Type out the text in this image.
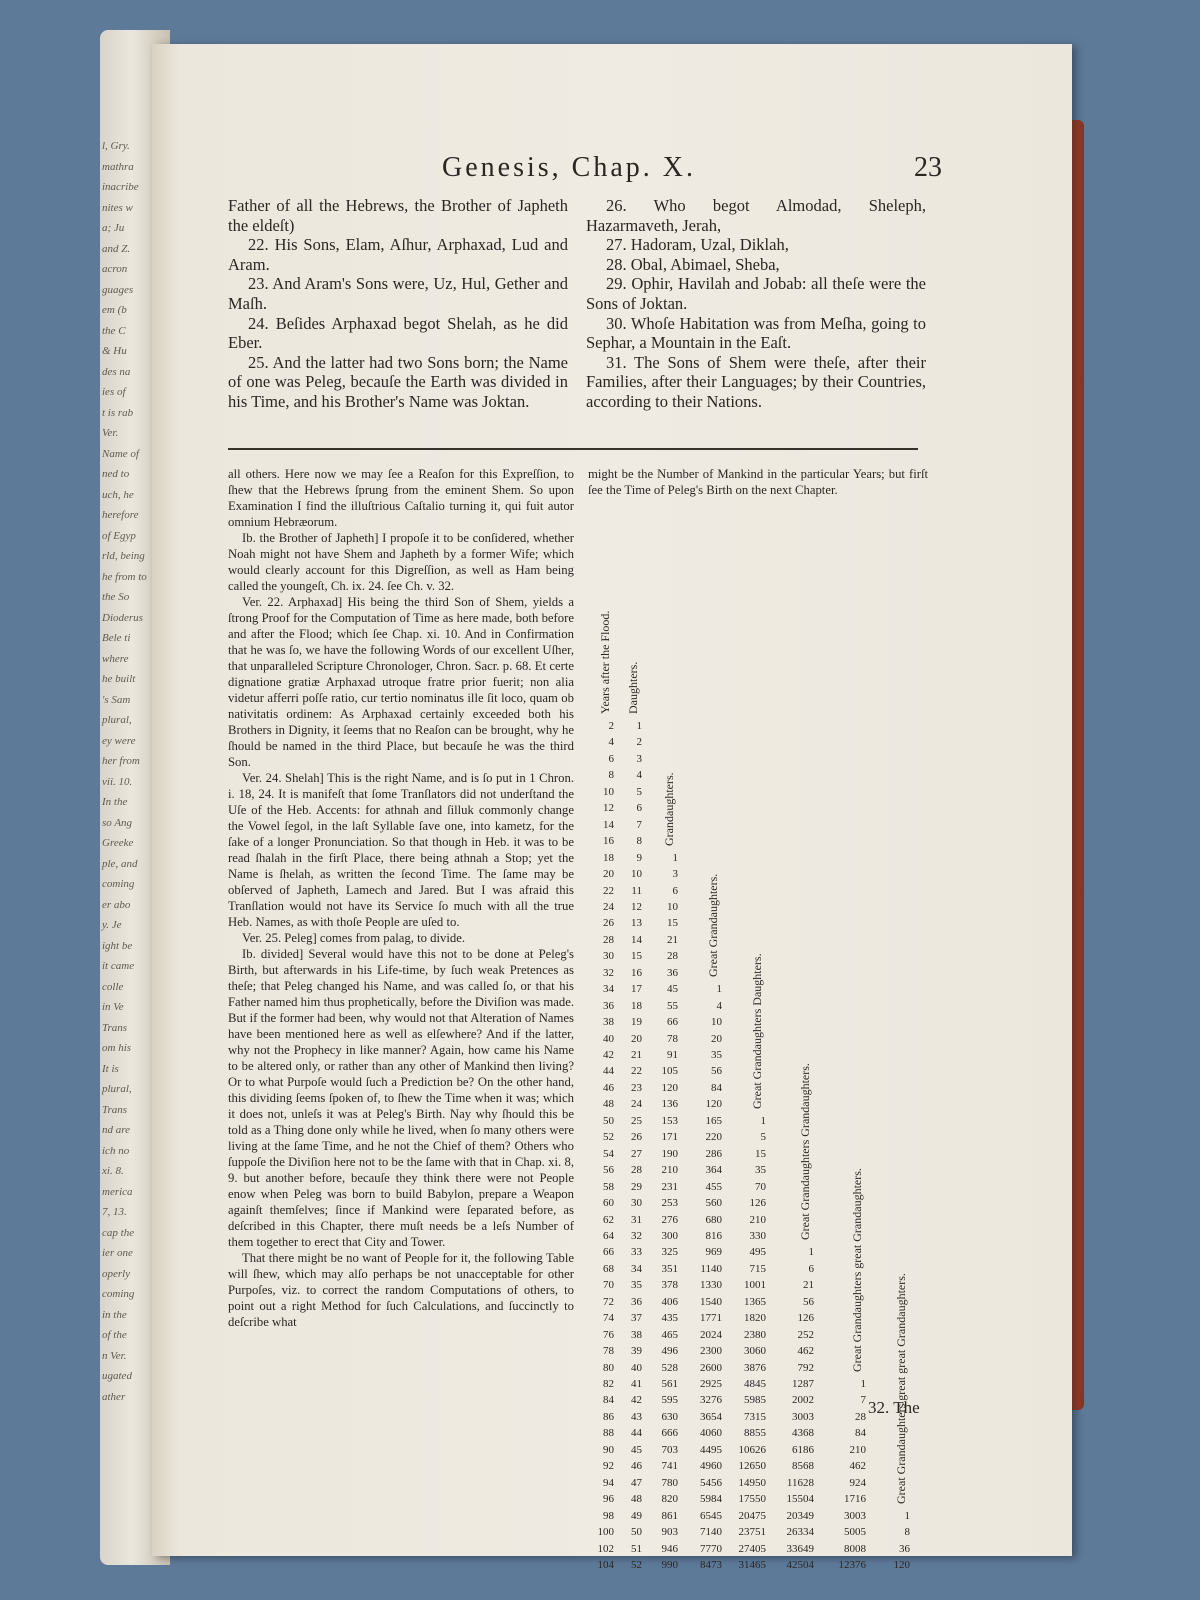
l, Gry.
mathra
inacribe
nites w
a; Ju
and Z.
acron
guages
em (b
the C
& Hu
des na
ies of
t is rab
Ver.
Name of
ned to
uch, he
herefore
of Egyp
rld, being
he from to
the So
Dioderus
Bele ti
where
he built
's Sam
plural,
ey were
her from
vii. 10.
In the
so Ang
Greeke
ple, and
coming
er abo
y. Je
ight be
it came
colle
in Ve
Trans
om his
It is
plural,
Trans
nd are
ich no
xi. 8.
merica
7, 13.
cap the
ier one
operly
coming
in the
of the
n Ver.
ugated
ather
Genesis, Chap. X.	23

Father of all the Hebrews, the Brother of Japheth the eldeſt)

22. His Sons, Elam, Aſhur, Arphaxad, Lud and Aram.

23. And Aram's Sons were, Uz, Hul, Gether and Maſh.

24. Beſides Arphaxad begot Shelah, as he did Eber.

25. And the latter had two Sons born; the Name of one was Peleg, becauſe the Earth was divided in his Time, and his Brother's Name was Joktan.

26. Who begot Almodad, Sheleph, Hazarmaveth, Jerah,

27. Hadoram, Uzal, Diklah,

28. Obal, Abimael, Sheba,

29. Ophir, Havilah and Jobab: all theſe were the Sons of Joktan.

30. Whoſe Habitation was from Meſha, going to Sephar, a Mountain in the Eaſt.

31. The Sons of Shem were theſe, after their Families, after their Languages; by their Countries, according to their Nations.

all others. Here now we may ſee a Reaſon for this Expreſſion, to ſhew that the Hebrews ſprung from the eminent Shem. So upon Examination I find the illuſtrious Caſtalio turning it, qui fuit autor omnium Hebræorum.

Ib. the Brother of Japheth] I propoſe it to be conſidered, whether Noah might not have Shem and Japheth by a former Wife; which would clearly account for this Digreſſion, as well as Ham being called the youngeſt, Ch. ix. 24. ſee Ch. v. 32.

Ver. 22. Arphaxad] His being the third Son of Shem, yields a ſtrong Proof for the Computation of Time as here made, both before and after the Flood; which ſee Chap. xi. 10. And in Confirmation that he was ſo, we have the following Words of our excellent Uſher, that unparalleled Scripture Chronologer, Chron. Sacr. p. 68. Et certe dignatione gratiæ Arphaxad utroque fratre prior fuerit; non alia videtur afferri poſſe ratio, cur tertio nominatus ille ſit loco, quam ob nativitatis ordinem: As Arphaxad certainly exceeded both his Brothers in Dignity, it ſeems that no Reaſon can be brought, why he ſhould be named in the third Place, but becauſe he was the third Son.

Ver. 24. Shelah] This is the right Name, and is ſo put in 1 Chron. i. 18, 24. It is manifeſt that ſome Tranſlators did not underſtand the Uſe of the Heb. Accents: for athnah and ſilluk commonly change the Vowel ſegol, in the laſt Syllable ſave one, into kametz, for the ſake of a longer Pronunciation. So that though in Heb. it was to be read ſhalah in the firſt Place, there being athnah a Stop; yet the Name is ſhelah, as written the ſecond Time. The ſame may be obſerved of Japheth, Lamech and Jared. But I was afraid this Tranſlation would not have its Service ſo much with all the true Heb. Names, as with thoſe People are uſed to.

Ver. 25. Peleg] comes from palag, to divide.

Ib. divided] Several would have this not to be done at Peleg's Birth, but afterwards in his Life-time, by ſuch weak Pretences as theſe; that Peleg changed his Name, and was called ſo, or that his Father named him thus prophetically, before the Diviſion was made. But if the former had been, why would not that Alteration of Names have been mentioned here as well as elſewhere? And if the latter, why not the Prophecy in like manner? Again, how came his Name to be altered only, or rather than any other of Mankind then living? Or to what Purpoſe would ſuch a Prediction be? On the other hand, this dividing ſeems ſpoken of, to ſhew the Time when it was; which it does not, unleſs it was at Peleg's Birth. Nay why ſhould this be told as a Thing done only while he lived, when ſo many others were living at the ſame Time, and he not the Chief of them? Others who ſuppoſe the Diviſion here not to be the ſame with that in Chap. xi. 8, 9. but another before, becauſe they think there were not People enow when Peleg was born to build Babylon, prepare a Weapon againſt themſelves; ſince if Mankind were ſeparated before, as deſcribed in this Chapter, there muſt needs be a leſs Number of them together to erect that City and Tower.

That there might be no want of People for it, the following Table will ſhew, which may alſo perhaps be not unacceptable for other Purpoſes, viz. to correct the random Computations of others, to point out a right Method for ſuch Calculations, and ſuccinctly to deſcribe what

might be the Number of Mankind in the particular Years; but firſt ſee the Time of Peleg's Birth on the next Chapter.

Years after the Flood. Daughters.
Grandaughters.
Great Grandaughters.
Great Grandaughters Daughters.
Great Grandaughters Grandaughters.
Great Grandaughters great Grandaughters.
Great Grandaughters great great Grandaughters.
2
4
6
8
10
12
14
16
18
20
22
24
26
28
30
32
34
36
38
40
42
44
46
48
50
52
54
56
58
60
62
64
66
68
70
72
74
76
78
80
82
84
86
88
90
92
94
96
98
100
102
104
1
2
3
4
5
6
7
8
9
10
11
12
13
14
15
16
17
18
19
20
21
22
23
24
25
26
27
28
29
30
31
32
33
34
35
36
37
38
39
40
41
42
43
44
45
46
47
48
49
50
51
52
1
3
6
10
15
21
28
36
45
55
66
78
91
105
120
136
153
171
190
210
231
253
276
300
325
351
378
406
435
465
496
528
561
595
630
666
703
741
780
820
861
903
946
990
1
4
10
20
35
56
84
120
165
220
286
364
455
560
680
816
969
1140
1330
1540
1771
2024
2300
2600
2925
3276
3654
4060
4495
4960
5456
5984
6545
7140
7770
8473
1
5
15
35
70
126
210
330
495
715
1001
1365
1820
2380
3060
3876
4845
5985
7315
8855
10626
12650
14950
17550
20475
23751
27405
31465
1
6
21
56
126
252
462
792
1287
2002
3003
4368
6186
8568
11628
15504
20349
26334
33649
42504
1
7
28
84
210
462
924
1716
3003
5005
8008
12376
1
8
36
120
32. The
